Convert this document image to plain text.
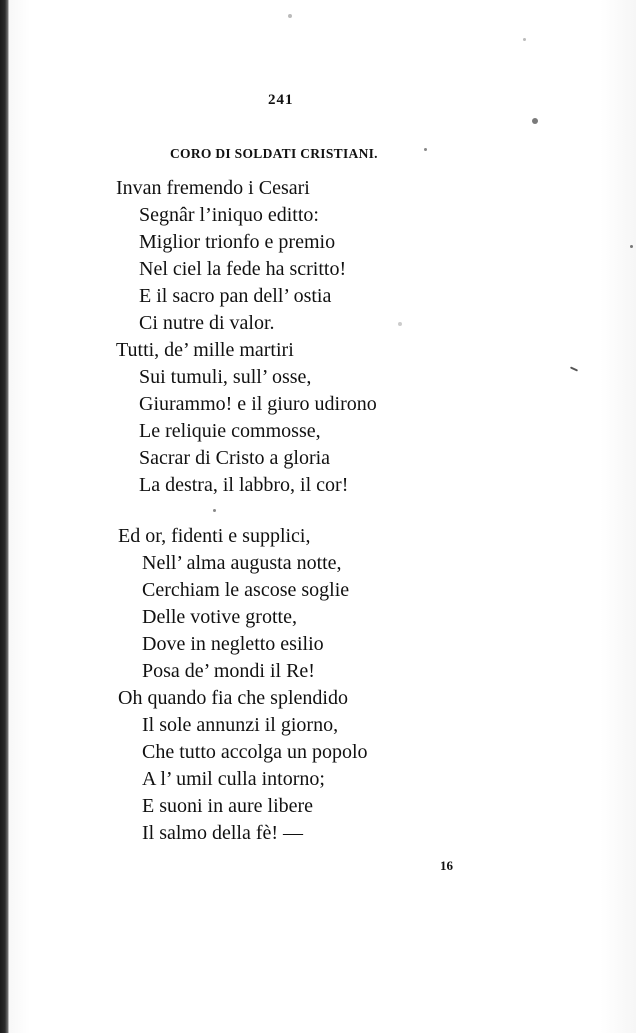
241
CORO DI SOLDATI CRISTIANI.
Invan fremendo i Cesari
Segnâr l’iniquo editto:
Miglior trionfo e premio
Nel ciel la fede ha scritto!
E il sacro pan dell’ ostia
Ci nutre di valor.
Tutti, de’ mille martiri
Sui tumuli, sull’ osse,
Giurammo! e il giuro udirono
Le reliquie commosse,
Sacrar di Cristo a gloria
La destra, il labbro, il cor!
Ed or, fidenti e supplici,
Nell’ alma augusta notte,
Cerchiam le ascose soglie
Delle votive grotte,
Dove in negletto esilio
Posa de’ mondi il Re!
Oh quando fia che splendido
Il sole annunzi il giorno,
Che tutto accolga un popolo
A l’ umil culla intorno;
E suoni in aure libere
Il salmo della fè! —
16
